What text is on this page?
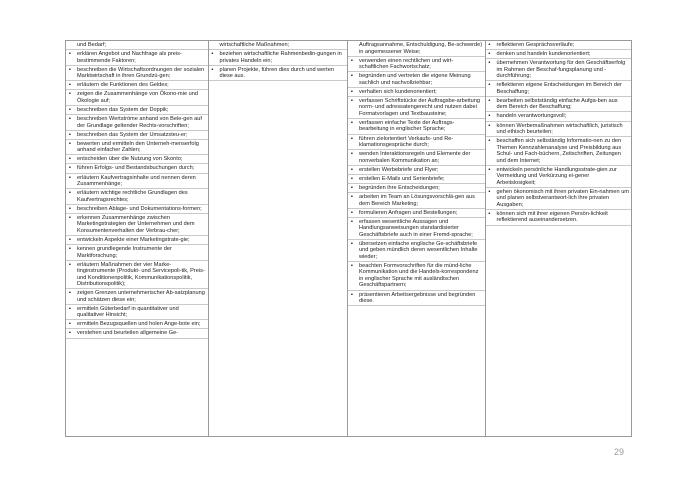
und Bedarf;
▪ erklären Angebot und Nachfrage als preis-bestimmende Faktoren;
▪ beschreiben die Wirtschaftsordnungen der sozialen Marktwirtschaft in ihren Grundzü-gen;
▪ erläutern die Funktionen des Geldes;
▪ zeigen die Zusammenhänge von Ökono-mie und Ökologie auf;
▪ beschreiben das System der Doppik;
▪ beschreiben Wertströme anhand von Bele-gen auf der Grundlage geltender Rechts-vorschriften;
▪ beschreiben das System der Umsatzsteu-er;
▪ bewerten und ermitteln den Unterneh-menserfolg anhand einfacher Zahlen;
▪ entscheiden über die Nutzung von Skonto;
▪ führen Erfolgs- und Bestandsbuchungen durch;
▪ erläutern Kaufvertragsinhalte und nennen deren Zusammenhänge;
▪ erläutern wichtige rechtliche Grundlagen des Kaufvertragsrechtes;
▪ beschreiben Ablage- und Dokumentations-formen;
▪ erkennen Zusammenhänge zwischen Marketingstrategien der Unternehmen und dem Konsumentenverhalten der Verbrau-cher;
▪ entwickeln Aspekte einer Marketingstrate-gie;
▪ kennen grundlegende Instrumente der Marktforschung;
▪ erläutern Maßnahmen der vier Marke-tinginstrumente (Produkt- und Servicepoli-tik, Preis- und Konditionenpolitik, Kommunikationspolitik, Distributionspolitik);
▪ zeigen Grenzen unternehmerischer Ab-satzplanung und schätzen diese ein;
▪ ermitteln Güterbedarf in quantitativer und qualitativer Hinsicht;
▪ ermitteln Bezugsquellen und holen Ange-bote ein;
▪ verstehen und beurteilen allgemeine Ge-
wirtschaftliche Maßnahmen;
▪ beziehen wirtschaftliche Rahmenbedin-gungen in privates Handeln ein;
▪ planen Projekte, führen dies durch und werten diese aus.
Auftragsannahme, Entschuldigung, Be-schwerde) in angemessener Weise;
▪ verwenden einen rechtlichen und wirt-schaftlichen Fachwortschatz;
▪ begründen und vertreten die eigene Meinung sachlich und nachvollziehbar;
▪ verhalten sich kundenorientiert;
▪ verfassen Schriftstücke der Auftragsbe-arbeitung norm- und adressatengerecht und nutzen dabei Formatvorlagen und Textbausteine;
▪ verfassen einfache Texte der Auftrags-bearbeitung in englischer Sprache;
▪ führen zielorientiert Verkaufs- und Re-klamationsgespräche durch;
▪ wenden Interaktionsregeln und Elemente der nonverbalen Kommunikation an;
▪ erstellen Werbebriefe und Flyer;
▪ erstellen E-Mails und Serienbriefe;
▪ begründen ihre Entscheidungen;
▪ arbeiten im Team an Lösungsvorschlä-gen aus dem Bereich Marketing;
▪ formulieren Anfragen und Bestellungen;
▪ erfassen wesentliche Aussagen und Handlungsanweisungen standardisierter Geschäftsbriefe auch in einer Fremd-sprache;
▪ übersetzen einfache englische Ge-schäftsbriefe und geben mündlich deren wesentlichen Inhalte wieder;
▪ beachten Formvorschriften für die münd-liche Kommunikation und die Handels-korrespondenz in englischer Sprache mit ausländischen Geschäftspartnern;
▪ präsentieren Arbeitsergebnisse und begründen diese.
▪ reflektieren Gesprächsverläufe;
▪ denken und handeln kundenorientiert;
▪ übernehmen Verantwortung für den Geschäftserfolg im Rahmen der Beschaf-fungsplanung und -durchführung;
▪ reflektieren eigene Entscheidungen im Bereich der Beschaffung;
▪ bearbeiten selbstständig einfache Aufga-ben aus dem Bereich der Beschaffung;
▪ handeln verantwortungsvoll;
▪ können Werbemaßnahmen wirtschaftlich, juristisch und ethisch beurteilen;
▪ beschaffen sich selbständig Informatio-nen zu den Themen Kennzahlenanalyse und Preisbildung aus Schul- und Fach-büchern, Zeitschriften, Zeitungen und dem Internet;
▪ entwickeln persönliche Handlungsstrate-gien zur Vermeidung und Verkürzung ei-gener Arbeitslosigkeit;
▪ gehen ökonomisch mit ihren privaten Ein-nahmen um und planen selbstverantwort-lich ihre privaten Ausgaben;
▪ können sich mit ihrer eigenen Persön-lichkeit reflektierend auseinandersetzen.
29
